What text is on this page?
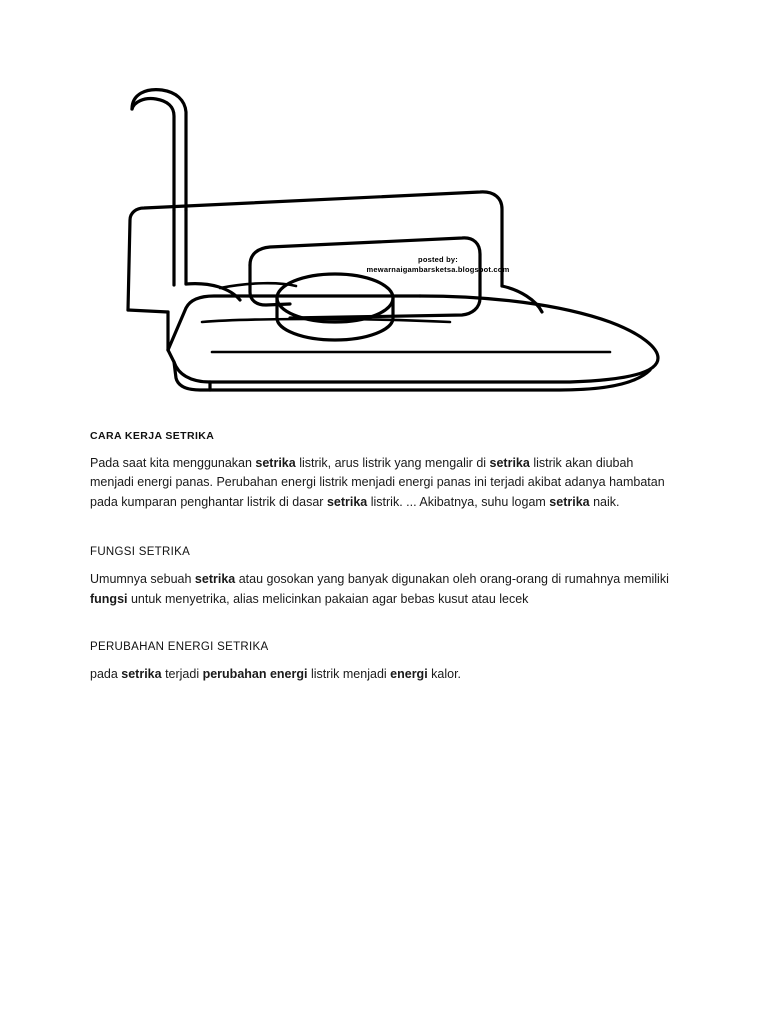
posted by:
mewarnaigambarsketsa.blogspot.com
CARA KERJA SETRIKA

Pada saat kita menggunakan setrika listrik, arus listrik yang mengalir di setrika listrik akan diubah menjadi energi panas. Perubahan energi listrik menjadi energi panas ini terjadi akibat adanya hambatan pada kumparan penghantar listrik di dasar setrika listrik. ... Akibatnya, suhu logam setrika naik.

FUNGSI SETRIKA

Umumnya sebuah setrika atau gosokan yang banyak digunakan oleh orang-orang di rumahnya memiliki fungsi untuk menyetrika, alias melicinkan pakaian agar bebas kusut atau lecek

PERUBAHAN ENERGI SETRIKA

pada setrika terjadi perubahan energi listrik menjadi energi kalor.
